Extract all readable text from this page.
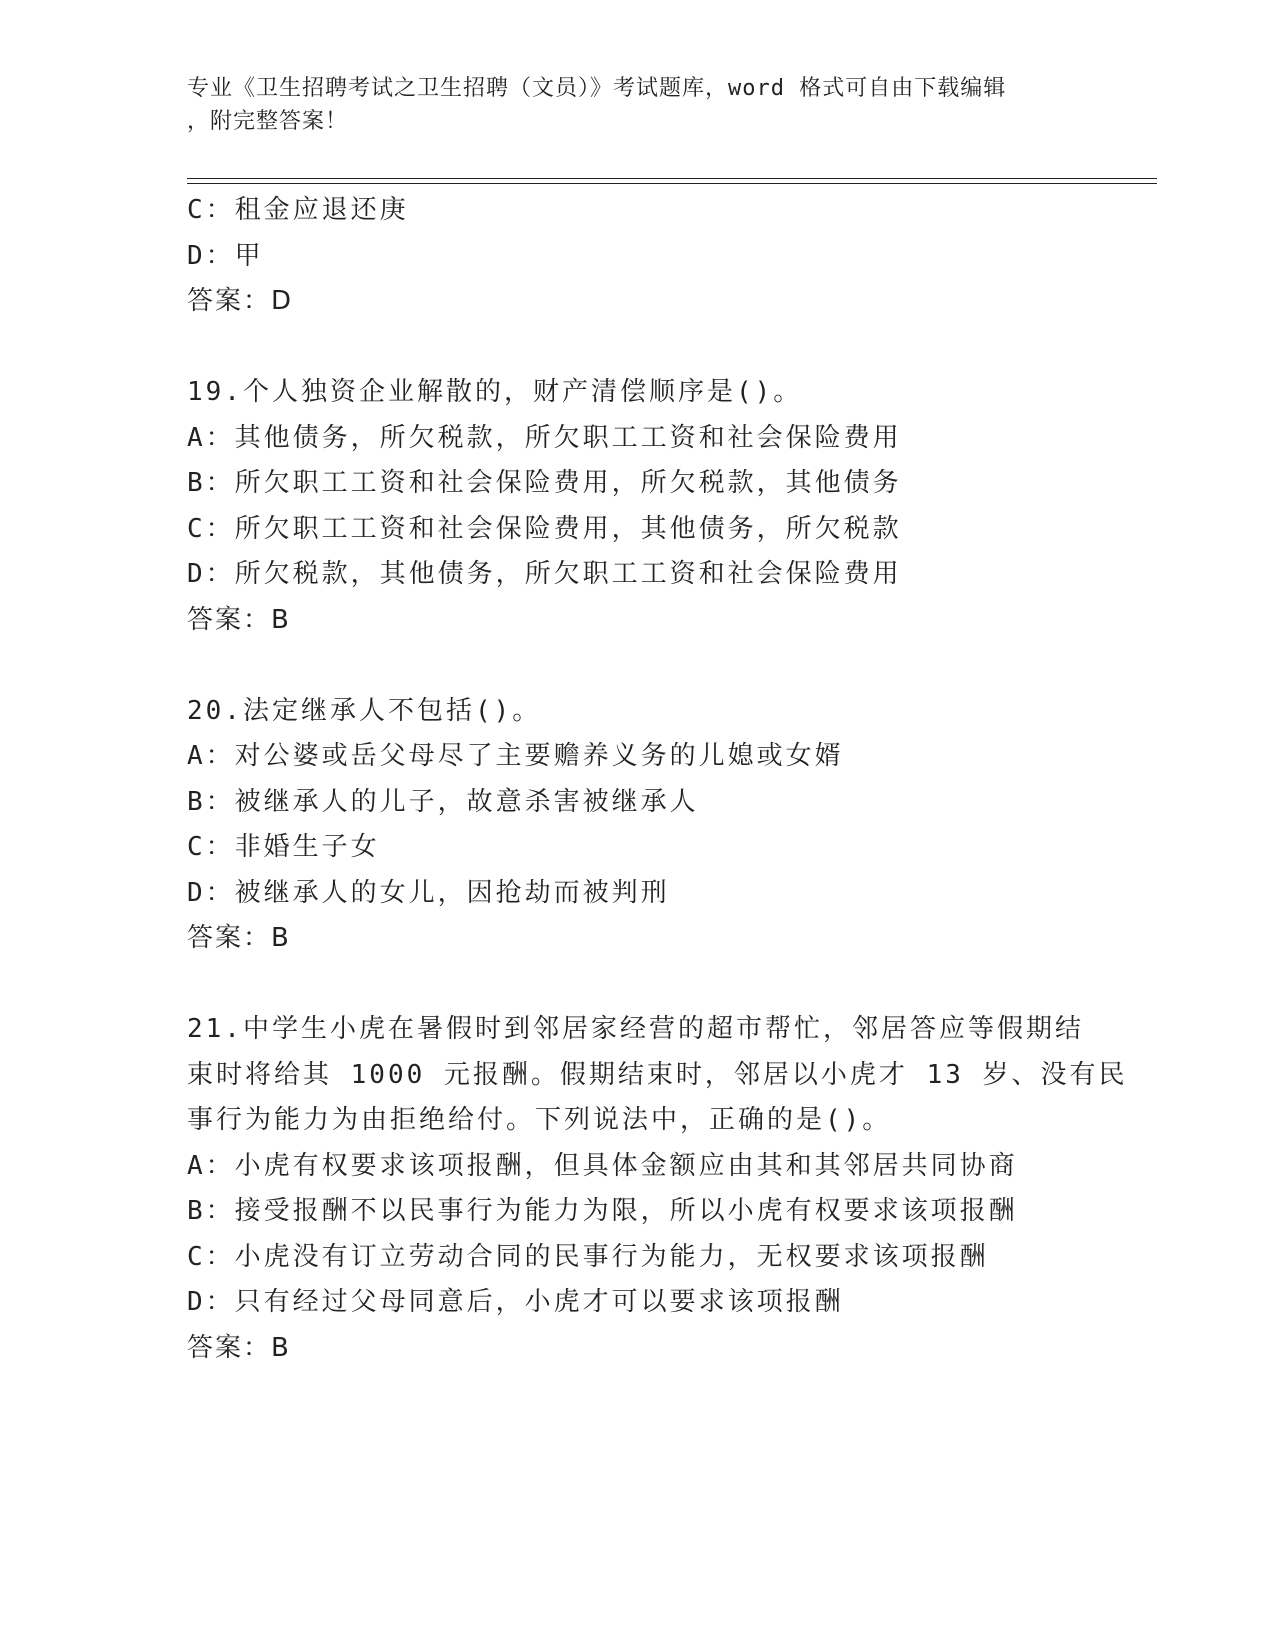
专业《卫生招聘考试之卫生招聘（文员）》考试题库，word 格式可自由下载编辑
，附完整答案！
C：租金应退还庚
D：甲
答案：D
19.个人独资企业解散的，财产清偿顺序是()。
A：其他债务，所欠税款，所欠职工工资和社会保险费用
B：所欠职工工资和社会保险费用，所欠税款，其他债务
C：所欠职工工资和社会保险费用，其他债务，所欠税款
D：所欠税款，其他债务，所欠职工工资和社会保险费用
答案：B
20.法定继承人不包括()。
A：对公婆或岳父母尽了主要赡养义务的儿媳或女婿
B：被继承人的儿子，故意杀害被继承人
C：非婚生子女
D：被继承人的女儿，因抢劫而被判刑
答案：B
21.中学生小虎在暑假时到邻居家经营的超市帮忙，邻居答应等假期结
束时将给其 1000 元报酬。假期结束时，邻居以小虎才 13 岁、没有民
事行为能力为由拒绝给付。下列说法中，正确的是()。
A：小虎有权要求该项报酬，但具体金额应由其和其邻居共同协商
B：接受报酬不以民事行为能力为限，所以小虎有权要求该项报酬
C：小虎没有订立劳动合同的民事行为能力，无权要求该项报酬
D：只有经过父母同意后，小虎才可以要求该项报酬
答案：B
